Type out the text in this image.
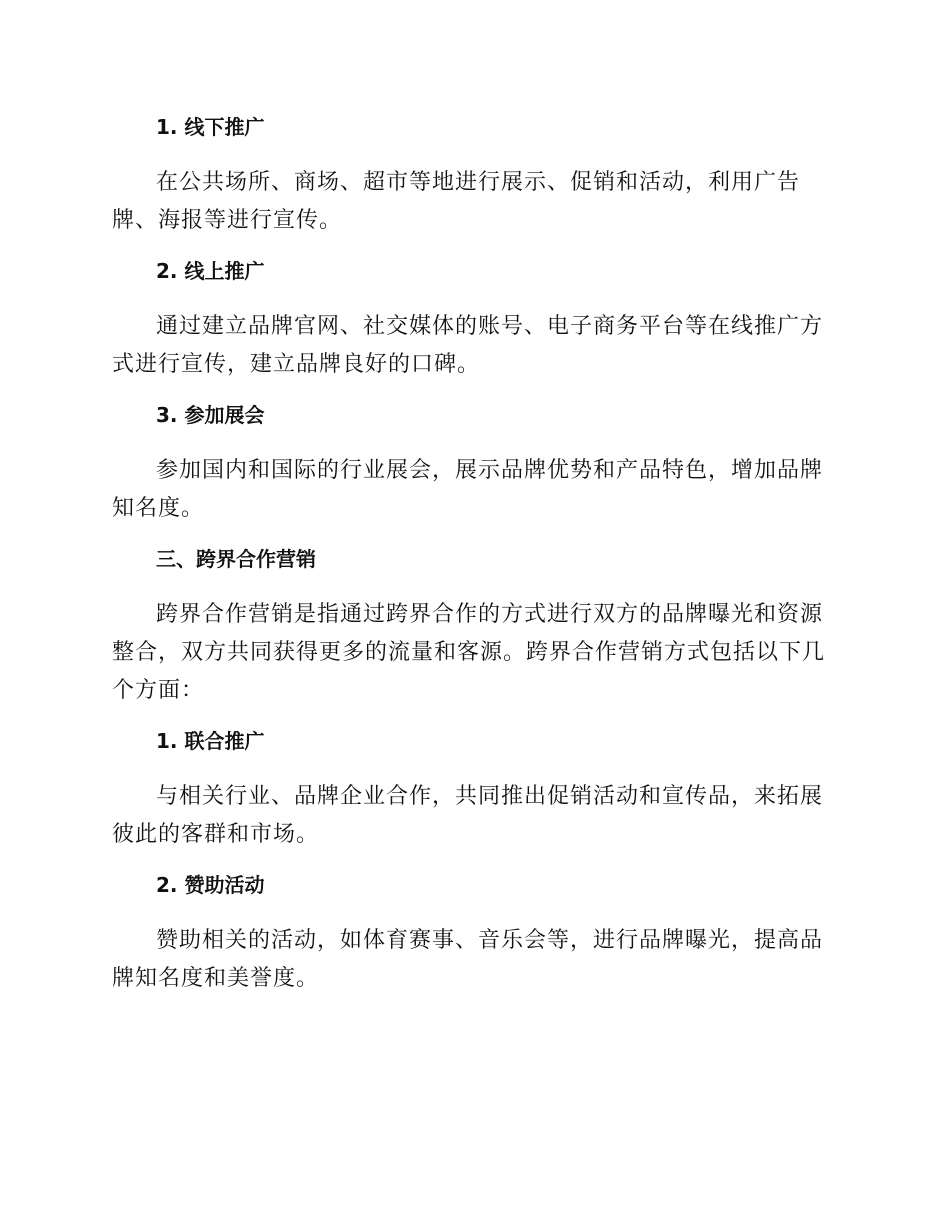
1. 线下推广
在公共场所、商场、超市等地进行展示、促销和活动，利用广告牌、海报等进行宣传。
2. 线上推广
通过建立品牌官网、社交媒体的账号、电子商务平台等在线推广方式进行宣传，建立品牌良好的口碑。
3. 参加展会
参加国内和国际的行业展会，展示品牌优势和产品特色，增加品牌知名度。
三、跨界合作营销
跨界合作营销是指通过跨界合作的方式进行双方的品牌曝光和资源整合，双方共同获得更多的流量和客源。跨界合作营销方式包括以下几个方面：
1. 联合推广
与相关行业、品牌企业合作，共同推出促销活动和宣传品，来拓展 彼此的客群和市场。
2. 赞助活动
赞助相关的活动，如体育赛事、音乐会等，进行品牌曝光，提高品牌知名度和美誉度。
